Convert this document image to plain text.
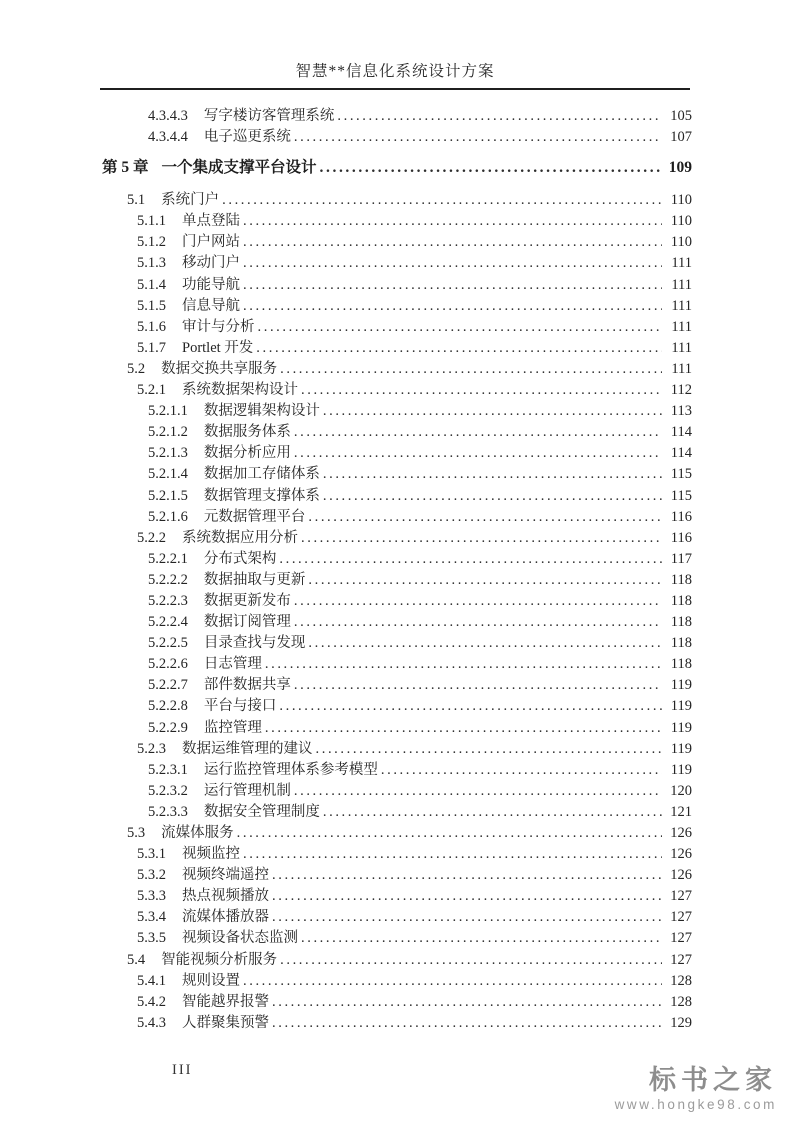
智慧**信息化系统设计方案
4.3.4.3 写字楼访客管理系统 .....	105
4.3.4.4 电子巡更系统 .....	107
第 5 章 一个集成支撑平台设计 .....	109
5.1 系统门户 .....	110
5.1.1 单点登陆 .....	110
5.1.2 门户网站 .....	110
5.1.3 移动门户 .....	111
5.1.4 功能导航 .....	111
5.1.5 信息导航 .....	111
5.1.6 审计与分析 .....	111
5.1.7 Portlet 开发 .....	111
5.2 数据交换共享服务 .....	111
5.2.1 系统数据架构设计 .....	112
5.2.1.1 数据逻辑架构设计 .....	113
5.2.1.2 数据服务体系 .....	114
5.2.1.3 数据分析应用 .....	114
5.2.1.4 数据加工存储体系 .....	115
5.2.1.5 数据管理支撑体系 .....	115
5.2.1.6 元数据管理平台 .....	116
5.2.2 系统数据应用分析 .....	116
5.2.2.1 分布式架构 .....	117
5.2.2.2 数据抽取与更新 .....	118
5.2.2.3 数据更新发布 .....	118
5.2.2.4 数据订阅管理 .....	118
5.2.2.5 目录查找与发现 .....	118
5.2.2.6 日志管理 .....	118
5.2.2.7 部件数据共享 .....	119
5.2.2.8 平台与接口 .....	119
5.2.2.9 监控管理 .....	119
5.2.3 数据运维管理的建议 .....	119
5.2.3.1 运行监控管理体系参考模型 .....	119
5.2.3.2 运行管理机制 .....	120
5.2.3.3 数据安全管理制度 .....	121
5.3 流媒体服务 .....	126
5.3.1 视频监控 .....	126
5.3.2 视频终端遥控 .....	126
5.3.3 热点视频播放 .....	127
5.3.4 流媒体播放器 .....	127
5.3.5 视频设备状态监测 .....	127
5.4 智能视频分析服务 .....	127
5.4.1 规则设置 .....	128
5.4.2 智能越界报警 .....	128
5.4.3 人群聚集预警 .....	129
III	标书之家
www.hongke98.com
